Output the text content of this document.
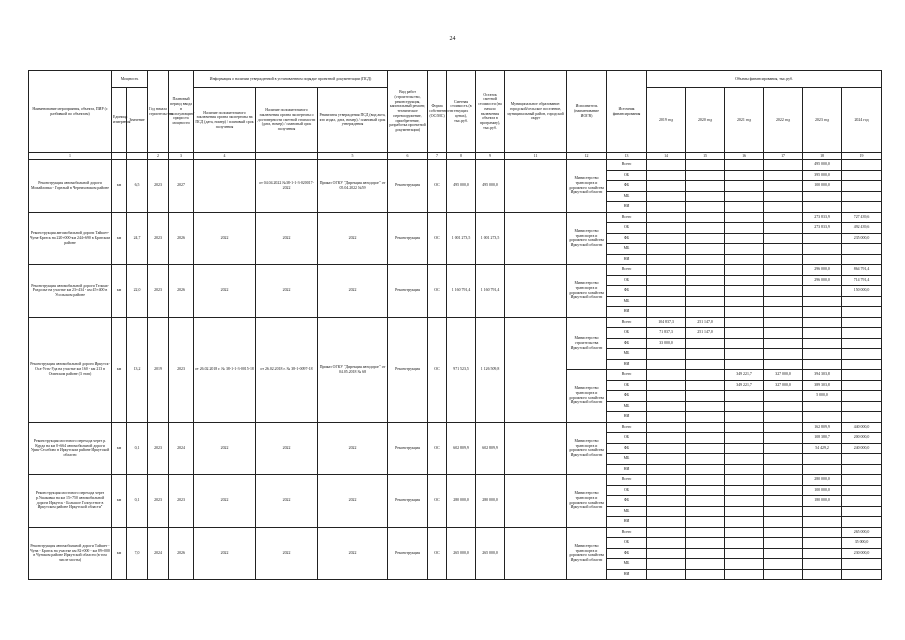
24
Наименование мероприятия, объекта, ПИР (с разбивкой по объектам)	Мощность		Год начала строительства	Плановый период ввода в эксплуатацию/прироста мощности	Информация о наличии утвержденной в установленном порядке проектной документации (ПСД)			Вид работ (строительство, реконструкция, капитальный ремонт, техническое перевооружение, приобретение, разработка проектной документации)	Форма собственности (ОС/МС)	Сметная стоимость (в текущих ценах), тыс.руб.	Остаток сметной стоимости (на начало включения объекта в программу), тыс.руб.	Муниципальное образование: городской/сельское поселение, муниципальный район, городской округ	Исполнитель (наименование ИОГВ)	Источник финансирования	Объемы финансирования, тыс.руб.					
	Единица измерения	Значение			Наличие положительного заключения органа экспертизы на ПСД (дата, номер) / плановый срок получения	Наличие положительного заключения органа экспертизы о достоверности сметной стоимости (дата, номер) / плановый срок получения	Реквизиты утверждения ПСД (вид акта, кто издал, дата, номер) / плановый срок утверждения								2019 год	2020 год	2021 год	2022 год	2023 год	2024 год
1			2	3	4		5	6	7	8	9	11	12	13	14	15	16	17	18	19
Реконструкция автомобильной дороги Михайловка - Горелый в Черемховском районе	км	6,5	2023	2027		от 04.04.2022 №38-1-1-3-020017-2022	Приказ ОГКУ "Дирекция автодорог" от 05.04.2022 №59	Реконструкция	ОС	495 000,0	495 000,0		Министерство транспорта и дорожного хозяйства Иркутской области	Всего					495 000,0	
														ОБ					395 000,0	
														ФБ					100 000,0	
														МБ						
														НИ						
Реконструкция автомобильной дороги Тайшет-Чуна-Братск на 220+000-км 244+690 в Братском районе	км	24,7	2023	2026	2022	2022	2022	Реконструкция	ОС	1 001 273,5	1 001 273,5		Министерство транспорта и дорожного хозяйства Иркутской области	Всего					273 833,9	727 439,6
														ОБ					273 833,9	492 439,6
														ФБ						235 000,0
														МБ						
														НИ						
Реконструкция автомобильной дороги Тельма-Раздолье на участке км 23+434 - км 45+400 в Усольском районе	км	22,0	2023	2026	2022	2022	2022	Реконструкция	ОС	1 160 791,4	1 160 791,4		Министерство транспорта и дорожного хозяйства Иркутской области	Всего					296 000,0	864 791,4
														ОБ					296 000,0	714 791,4
														ФБ						150 000,0
														МБ						
														НИ						
Реконструкция автомобильной дороги Иркутск-Оса-Усть-Уда на участке км 160 - км 213 в Осинском районе (3 этап)	км	13,2	2019	2023	от 26.02.2018 г. № 38-1-1-3-0015-18	от 26.02.2018 г. № 38-1-0097-18	Приказ ОГКУ "Дирекция автодорог" от 04.05.2018 № 68	Реконструкция	ОС	971 523,5	1 126 509,8		Министерство строительства Иркутской области	Всего	104 837,3	251 147,0				
														ОБ	71 837,3	251 147,0				
														ФБ	33 000,0					
														МБ						
														НИ						
													Министерство транспорта и дорожного хозяйства Иркутской области	Всего			349 221,7	327 000,0	394 303,8	
														ОБ			349 221,7	327 000,0	389 303,8	
														ФБ					5 000,0	
														МБ						
														НИ						
Реконструкция мостового перехода через р. Курда на км 0+664 автомобильной дороги Урик-Столбово в Иркутском районе Иркутской области	км	0,1	2023	2024	2022	2022	2022	Реконструкция	ОС	602 809,9	602 809,9		Министерство транспорта и дорожного хозяйства Иркутской области	Всего					162 809,9	440 000,0
														ОБ					108 380,7	200 000,0
														ФБ					54 429,2	240 000,0
														МБ						
														НИ						
Реконструкция мостового перехода через р.Ушаковка на км 15+750 автомобильной дороги Иркутск - Большое Голоустное в Иркутском районе Иркутской области"	км	0,1	2023	2023	2022	2022	2022	Реконструкция	ОС	280 000,0	280 000,0		Министерство транспорта и дорожного хозяйства Иркутской области	Всего					280 000,0	
														ОБ					100 000,0	
														ФБ					180 000,0	
														МБ						
														НИ						
Реконструкция автомобильной дороги Тайшет - Чуна - Братск на участке км 82+000 - км 89+000 в Чунском районе Иркутской области (в том числе мосты)	км	7,0	2024	2026	2022	2022	2022	Реконструкция	ОС	265 000,0	265 000,0		Министерство транспорта и дорожного хозяйства Иркутской области	Всего						265 000,0
														ОБ						35 000,0
														ФБ						230 000,0
														МБ						
														НИ						
